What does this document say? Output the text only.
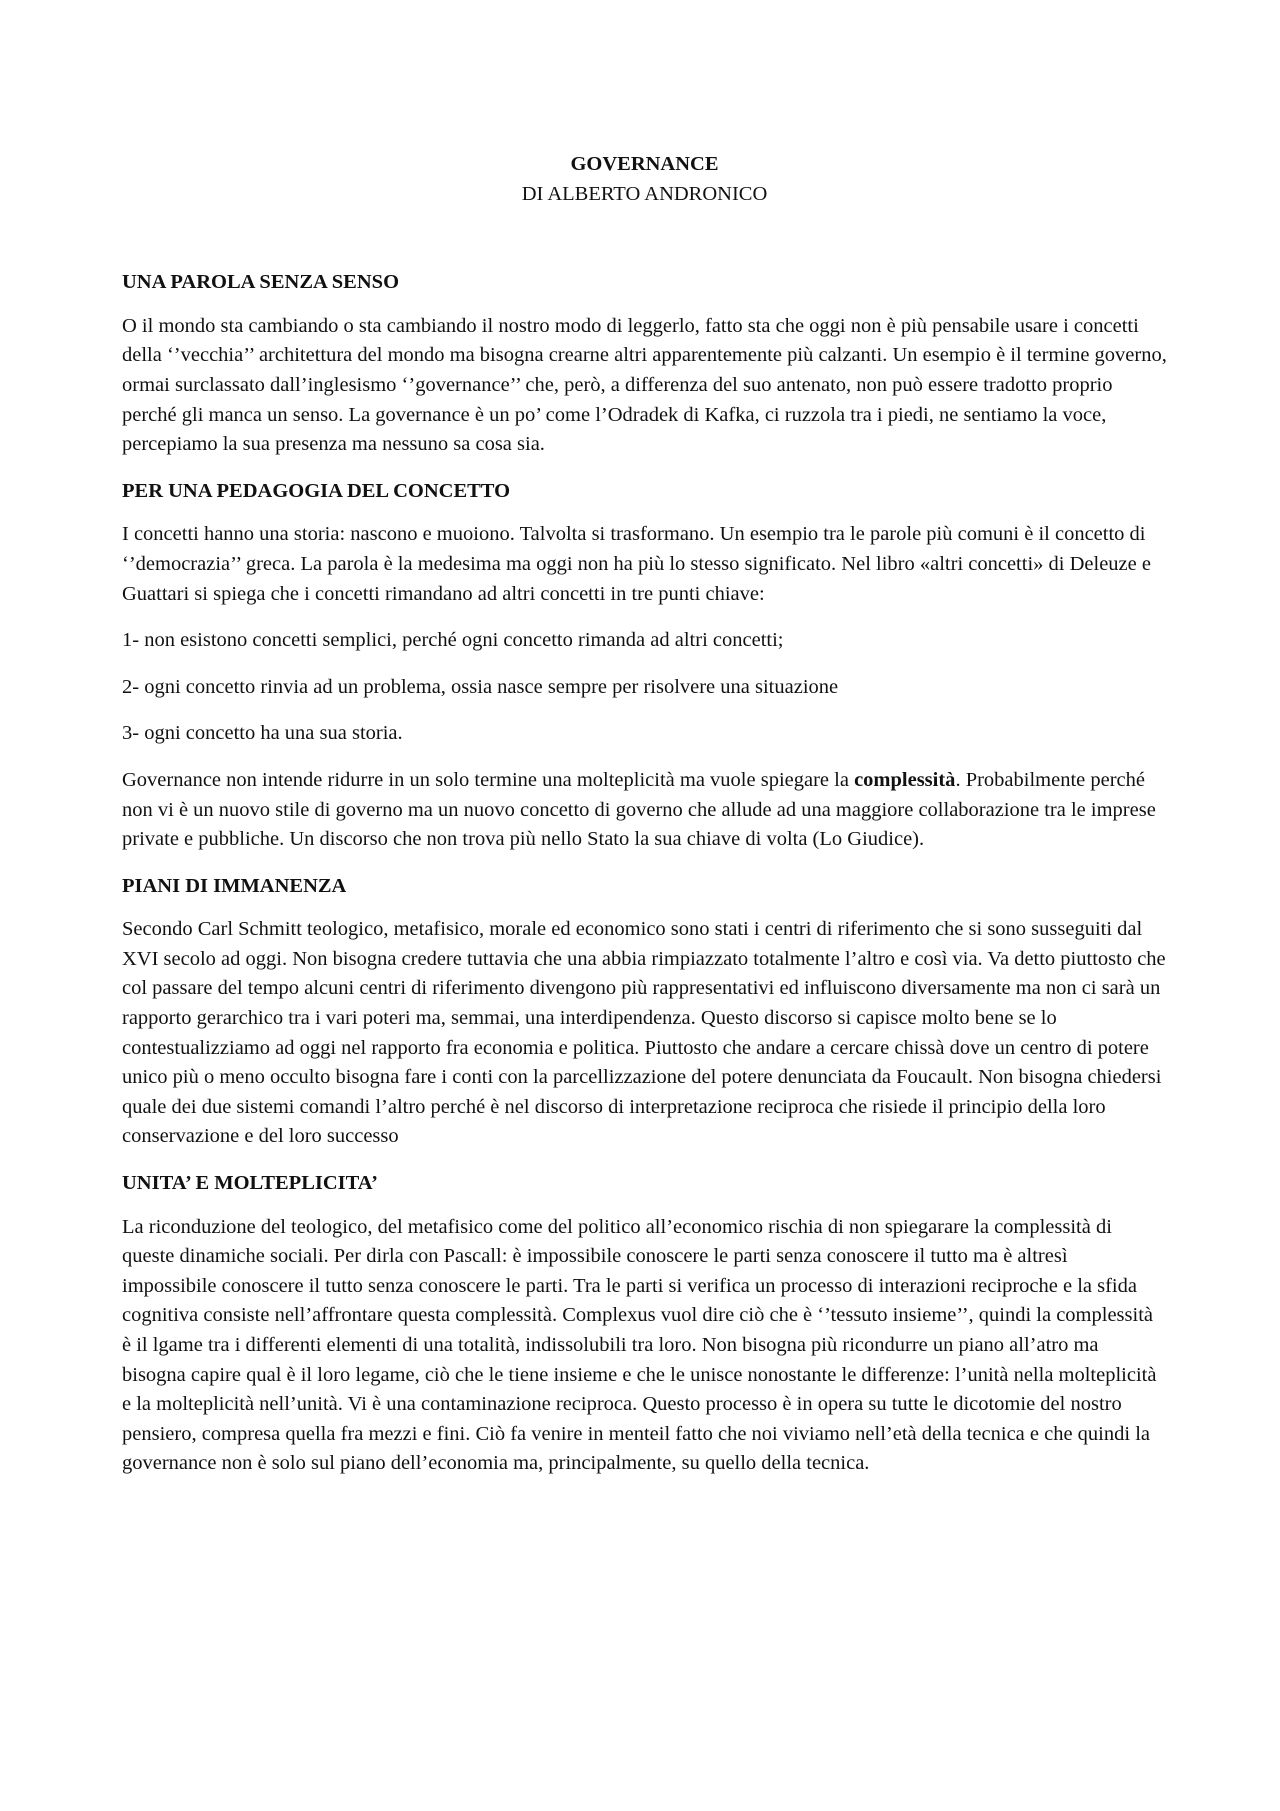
GOVERNANCE

DI ALBERTO ANDRONICO

UNA PAROLA SENZA SENSO

O il mondo sta cambiando o sta cambiando il nostro modo di leggerlo, fatto sta che oggi non è più pensabile usare i concetti della ‘’vecchia’’ architettura del mondo ma bisogna crearne altri apparentemente più calzanti. Un esempio è il termine governo, ormai surclassato dall’inglesismo ‘’governance’’ che, però, a differenza del suo antenato, non può essere tradotto proprio perché gli manca un senso. La governance è un po’ come l’Odradek di Kafka, ci ruzzola tra i piedi, ne sentiamo la voce, percepiamo la sua presenza ma nessuno sa cosa sia.

PER UNA PEDAGOGIA DEL CONCETTO

I concetti hanno una storia: nascono e muoiono. Talvolta si trasformano. Un esempio tra le parole più comuni è il concetto di ‘’democrazia’’ greca. La parola è la medesima ma oggi non ha più lo stesso significato. Nel libro «altri concetti» di Deleuze e Guattari si spiega che i concetti rimandano ad altri concetti in tre punti chiave:

1- non esistono concetti semplici, perché ogni concetto rimanda ad altri concetti;

2- ogni concetto rinvia ad un problema, ossia nasce sempre per risolvere una situazione

3- ogni concetto ha una sua storia.

Governance non intende ridurre in un solo termine una molteplicità ma vuole spiegare la complessità. Probabilmente perché non vi è un nuovo stile di governo ma un nuovo concetto di governo che allude ad una maggiore collaborazione tra le imprese private e pubbliche. Un discorso che non trova più nello Stato la sua chiave di volta (Lo Giudice).

PIANI DI IMMANENZA

Secondo Carl Schmitt teologico, metafisico, morale ed economico sono stati i centri di riferimento che si sono susseguiti dal XVI secolo ad oggi. Non bisogna credere tuttavia che una abbia rimpiazzato totalmente l’altro e così via. Va detto piuttosto che col passare del tempo alcuni centri di riferimento divengono più rappresentativi ed influiscono diversamente ma non ci sarà un rapporto gerarchico tra i vari poteri ma, semmai, una interdipendenza. Questo discorso si capisce molto bene se lo contestualizziamo ad oggi nel rapporto fra economia e politica. Piuttosto che andare a cercare chissà dove un centro di potere unico più o meno occulto bisogna fare i conti con la parcellizzazione del potere denunciata da Foucault. Non bisogna chiedersi quale dei due sistemi comandi l’altro perché è nel discorso di interpretazione reciproca che risiede il principio della loro conservazione e del loro successo

UNITA’ E MOLTEPLICITA’

La riconduzione del teologico, del metafisico come del politico all’economico rischia di non spiegarare la complessità di queste dinamiche sociali. Per dirla con Pascall: è impossibile conoscere le parti senza conoscere il tutto ma è altresì impossibile conoscere il tutto senza conoscere le parti. Tra le parti si verifica un processo di interazioni reciproche e la sfida cognitiva consiste nell’affrontare questa complessità. Complexus vuol dire ciò che è ‘’tessuto insieme’’, quindi la complessità è il lgame tra i differenti elementi di una totalità, indissolubili tra loro. Non bisogna più ricondurre un piano all’atro ma bisogna capire qual è il loro legame, ciò che le tiene insieme e che le unisce nonostante le differenze: l’unità nella molteplicità e la molteplicità nell’unità. Vi è una contaminazione reciproca. Questo processo è in opera su tutte le dicotomie del nostro pensiero, compresa quella fra mezzi e fini. Ciò fa venire in menteil fatto che noi viviamo nell’età della tecnica e che quindi la governance non è solo sul piano dell’economia ma, principalmente, su quello della tecnica.
